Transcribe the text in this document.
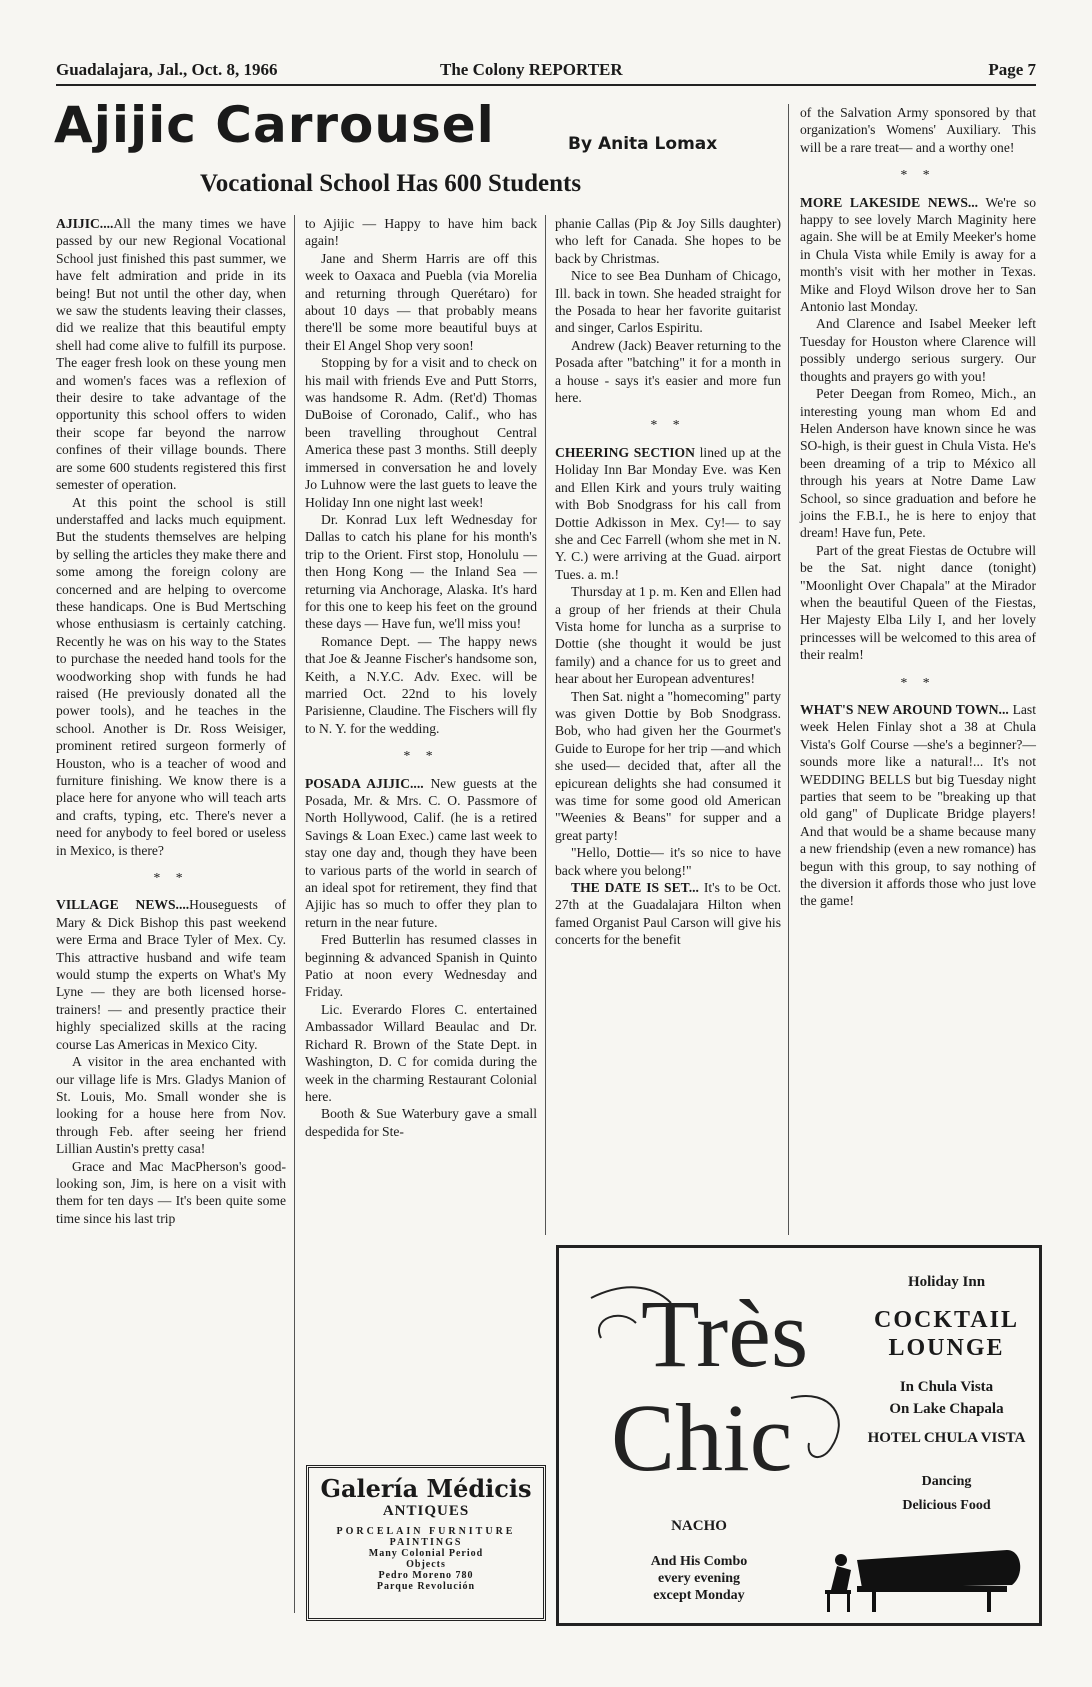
Guadalajara, Jal., Oct. 8, 1966	The Colony REPORTER	Page 7
Ajijic Carrousel	By Anita Lomax
Vocational School Has 600 Students

AJIJIC....All the many times we have passed by our new Regional Vocational School just finished this past summer, we have felt admiration and pride in its being! But not until the other day, when we saw the students leaving their classes, did we realize that this beautiful empty shell had come alive to fulfill its purpose. The eager fresh look on these young men and women's faces was a reflexion of their desire to take advantage of the opportunity this school offers to widen their scope far beyond the narrow confines of their village bounds. There are some 600 students registered this first semester of operation.

At this point the school is still understaffed and lacks much equipment. But the students themselves are helping by selling the articles they make there and some among the foreign colony are concerned and are helping to overcome these handicaps. One is Bud Mertsching whose enthusiasm is certainly catching. Recently he was on his way to the States to purchase the needed hand tools for the woodworking shop with funds he had raised (He previously donated all the power tools), and he teaches in the school. Another is Dr. Ross Weisiger, prominent retired surgeon formerly of Houston, who is a teacher of wood and furniture finishing. We know there is a place here for anyone who will teach arts and crafts, typing, etc. There's never a need for anybody to feel bored or useless in Mexico, is there?

* *

VILLAGE NEWS....Houseguests of Mary & Dick Bishop this past weekend were Erma and Brace Tyler of Mex. Cy. This attractive husband and wife team would stump the experts on What's My Lyne — they are both licensed horse-trainers! — and presently practice their highly specialized skills at the racing course Las Americas in Mexico City.

A visitor in the area enchanted with our village life is Mrs. Gladys Manion of St. Louis, Mo. Small wonder she is looking for a house here from Nov. through Feb. after seeing her friend Lillian Austin's pretty casa!

Grace and Mac MacPherson's good-looking son, Jim, is here on a visit with them for ten days — It's been quite some time since his last trip

to Ajijic — Happy to have him back again!

Jane and Sherm Harris are off this week to Oaxaca and Puebla (via Morelia and returning through Querétaro) for about 10 days — that probably means there'll be some more beautiful buys at their El Angel Shop very soon!

Stopping by for a visit and to check on his mail with friends Eve and Putt Storrs, was handsome R. Adm. (Ret'd) Thomas DuBoise of Coronado, Calif., who has been travelling throughout Central America these past 3 months. Still deeply immersed in conversation he and lovely Jo Luhnow were the last guets to leave the Holiday Inn one night last week!

Dr. Konrad Lux left Wednesday for Dallas to catch his plane for his month's trip to the Orient. First stop, Honolulu — then Hong Kong — the Inland Sea — returning via Anchorage, Alaska. It's hard for this one to keep his feet on the ground these days — Have fun, we'll miss you!

Romance Dept. — The happy news that Joe & Jeanne Fischer's handsome son, Keith, a N.Y.C. Adv. Exec. will be married Oct. 22nd to his lovely Parisienne, Claudine. The Fischers will fly to N. Y. for the wedding.

* *

POSADA AJIJIC.... New guests at the Posada, Mr. & Mrs. C. O. Passmore of North Hollywood, Calif. (he is a retired Savings & Loan Exec.) came last week to stay one day and, though they have been to various parts of the world in search of an ideal spot for retirement, they find that Ajijic has so much to offer they plan to return in the near future.

Fred Butterlin has resumed classes in beginning & advanced Spanish in Quinto Patio at noon every Wednesday and Friday.

Lic. Everardo Flores C. entertained Ambassador Willard Beaulac and Dr. Richard R. Brown of the State Dept. in Washington, D. C for comida during the week in the charming Restaurant Colonial here.

Booth & Sue Waterbury gave a small despedida for Ste-

Galería Médicis
ANTIQUES
PORCELAIN FURNITURE
PAINTINGS
Many Colonial Period
Objects
Pedro Moreno 780
Parque Revolución

phanie Callas (Pip & Joy Sills daughter) who left for Canada. She hopes to be back by Christmas.

Nice to see Bea Dunham of Chicago, Ill. back in town. She headed straight for the Posada to hear her favorite guitarist and singer, Carlos Espiritu.

Andrew (Jack) Beaver returning to the Posada after "batching" it for a month in a house - says it's easier and more fun here.

* *

CHEERING SECTION lined up at the Holiday Inn Bar Monday Eve. was Ken and Ellen Kirk and yours truly waiting with Bob Snodgrass for his call from Dottie Adkisson in Mex. Cy!— to say she and Cec Farrell (whom she met in N. Y. C.) were arriving at the Guad. airport Tues. a. m.!

Thursday at 1 p. m. Ken and Ellen had a group of her friends at their Chula Vista home for luncha as a surprise to Dottie (she thought it would be just family) and a chance for us to greet and hear about her European adventures!

Then Sat. night a "homecoming" party was given Dottie by Bob Snodgrass. Bob, who had given her the Gourmet's Guide to Europe for her trip —and which she used— decided that, after all the epicurean delights she had consumed it was time for some good old American "Weenies & Beans" for supper and a great party!

"Hello, Dottie— it's so nice to have back where you belong!"

THE DATE IS SET... It's to be Oct. 27th at the Guadalajara Hilton when famed Organist Paul Carson will give his concerts for the benefit

of the Salvation Army sponsored by that organization's Womens' Auxiliary. This will be a rare treat— and a worthy one!

* *

MORE LAKESIDE NEWS... We're so happy to see lovely March Maginity here again. She will be at Emily Meeker's home in Chula Vista while Emily is away for a month's visit with her mother in Texas. Mike and Floyd Wilson drove her to San Antonio last Monday.

And Clarence and Isabel Meeker left Tuesday for Houston where Clarence will possibly undergo serious surgery. Our thoughts and prayers go with you!

Peter Deegan from Romeo, Mich., an interesting young man whom Ed and Helen Anderson have known since he was SO-high, is their guest in Chula Vista. He's been dreaming of a trip to México all through his years at Notre Dame Law School, so since graduation and before he joins the F.B.I., he is here to enjoy that dream! Have fun, Pete.

Part of the great Fiestas de Octubre will be the Sat. night dance (tonight) "Moonlight Over Chapala" at the Mirador when the beautiful Queen of the Fiestas, Her Majesty Elba Lily I, and her lovely princesses will be welcomed to this area of their realm!

* *

WHAT'S NEW AROUND TOWN... Last week Helen Finlay shot a 38 at Chula Vista's Golf Course —she's a beginner?— sounds more like a natural!... It's not WEDDING BELLS but big Tuesday night parties that seem to be "breaking up that old gang" of Duplicate Bridge players! And that would be a shame because many a new friendship (even a new romance) has begun with this group, to say nothing of the diversion it affords those who just love the game!

Très
Chic
Holiday Inn
COCKTAIL
LOUNGE
In Chula Vista
On Lake Chapala
HOTEL CHULA VISTA
Dancing
Delicious Food
NACHO
And His Combo
every evening
except Monday
